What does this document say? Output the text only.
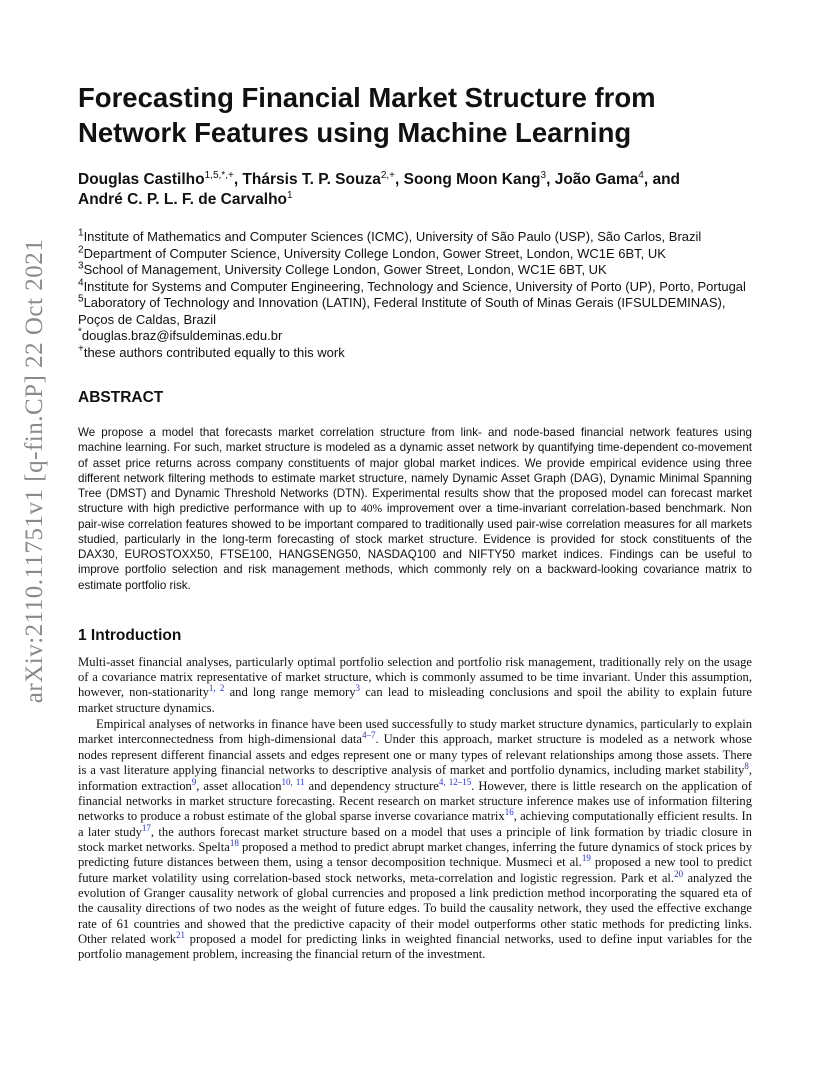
arXiv:2110.11751v1 [q-fin.CP] 22 Oct 2021
Forecasting Financial Market Structure from
Network Features using Machine Learning
Douglas Castilho$^{1,5,*,+}$, Thársis T. P. Souza$^{2,+}$, Soong Moon Kang$^3$, João Gama$^4$, and
André C. P. L. F. de Carvalho$^1$
$^1$Institute of Mathematics and Computer Sciences (ICMC), University of São Paulo (USP), São Carlos, Brazil
$^2$Department of Computer Science, University College London, Gower Street, London, WC1E 6BT, UK
$^3$School of Management, University College London, Gower Street, London, WC1E 6BT, UK
$^4$Institute for Systems and Computer Engineering, Technology and Science, University of Porto (UP), Porto, Portugal
$^5$Laboratory of Technology and Innovation (LATIN), Federal Institute of South of Minas Gerais (IFSULDEMINAS),
Poços de Caldas, Brazil
*douglas.braz@ifsuldeminas.edu.br
+these authors contributed equally to this work
ABSTRACT
We propose a model that forecasts market correlation structure from link- and node-based financial network features using machine learning. For such, market structure is modeled as a dynamic asset network by quantifying time-dependent co-movement of asset price returns across company constituents of major global market indices. We provide empirical evidence using three different network filtering methods to estimate market structure, namely Dynamic Asset Graph (DAG), Dynamic Minimal Spanning Tree (DMST) and Dynamic Threshold Networks (DTN). Experimental results show that the proposed model can forecast market structure with high predictive performance with up to 40% improvement over a time-invariant correlation-based benchmark. Non pair-wise correlation features showed to be important compared to traditionally used pair-wise correlation measures for all markets studied, particularly in the long-term forecasting of stock market structure. Evidence is provided for stock constituents of the DAX30, EUROSTOXX50, FTSE100, HANGSENG50, NASDAQ100 and NIFTY50 market indices. Findings can be useful to improve portfolio selection and risk management methods, which commonly rely on a backward-looking covariance matrix to estimate portfolio risk.
1 Introduction

Multi-asset financial analyses, particularly optimal portfolio selection and portfolio risk management, traditionally rely on the usage of a covariance matrix representative of market structure, which is commonly assumed to be time invariant. Under this assumption, however, non-stationarity$^{1, 2}$ and long range memory$^3$ can lead to misleading conclusions and spoil the ability to explain future market structure dynamics.

Empirical analyses of networks in finance have been used successfully to study market structure dynamics, particularly to explain market interconnectedness from high-dimensional data$^{4-7}$. Under this approach, market structure is modeled as a network whose nodes represent different financial assets and edges represent one or many types of relevant relationships among those assets. There is a vast literature applying financial networks to descriptive analysis of market and portfolio dynamics, including market stability$^8$, information extraction$^9$, asset allocation$^{10, 11}$ and dependency structure$^{4, 12-15}$. However, there is little research on the application of financial networks in market structure forecasting. Recent research on market structure inference makes use of information filtering networks to produce a robust estimate of the global sparse inverse covariance matrix$^{16}$, achieving computationally efficient results. In a later study$^{17}$, the authors forecast market structure based on a model that uses a principle of link formation by triadic closure in stock market networks. Spelta$^{18}$ proposed a method to predict abrupt market changes, inferring the future dynamics of stock prices by predicting future distances between them, using a tensor decomposition technique. Musmeci et al.$^{19}$ proposed a new tool to predict future market volatility using correlation-based stock networks, meta-correlation and logistic regression. Park et al.$^{20}$ analyzed the evolution of Granger causality network of global currencies and proposed a link prediction method incorporating the squared eta of the causality directions of two nodes as the weight of future edges. To build the causality network, they used the effective exchange rate of 61 countries and showed that the predictive capacity of their model outperforms other static methods for predicting links. Other related work$^{21}$ proposed a model for predicting links in weighted financial networks, used to define input variables for the portfolio management problem, increasing the financial return of the investment.
